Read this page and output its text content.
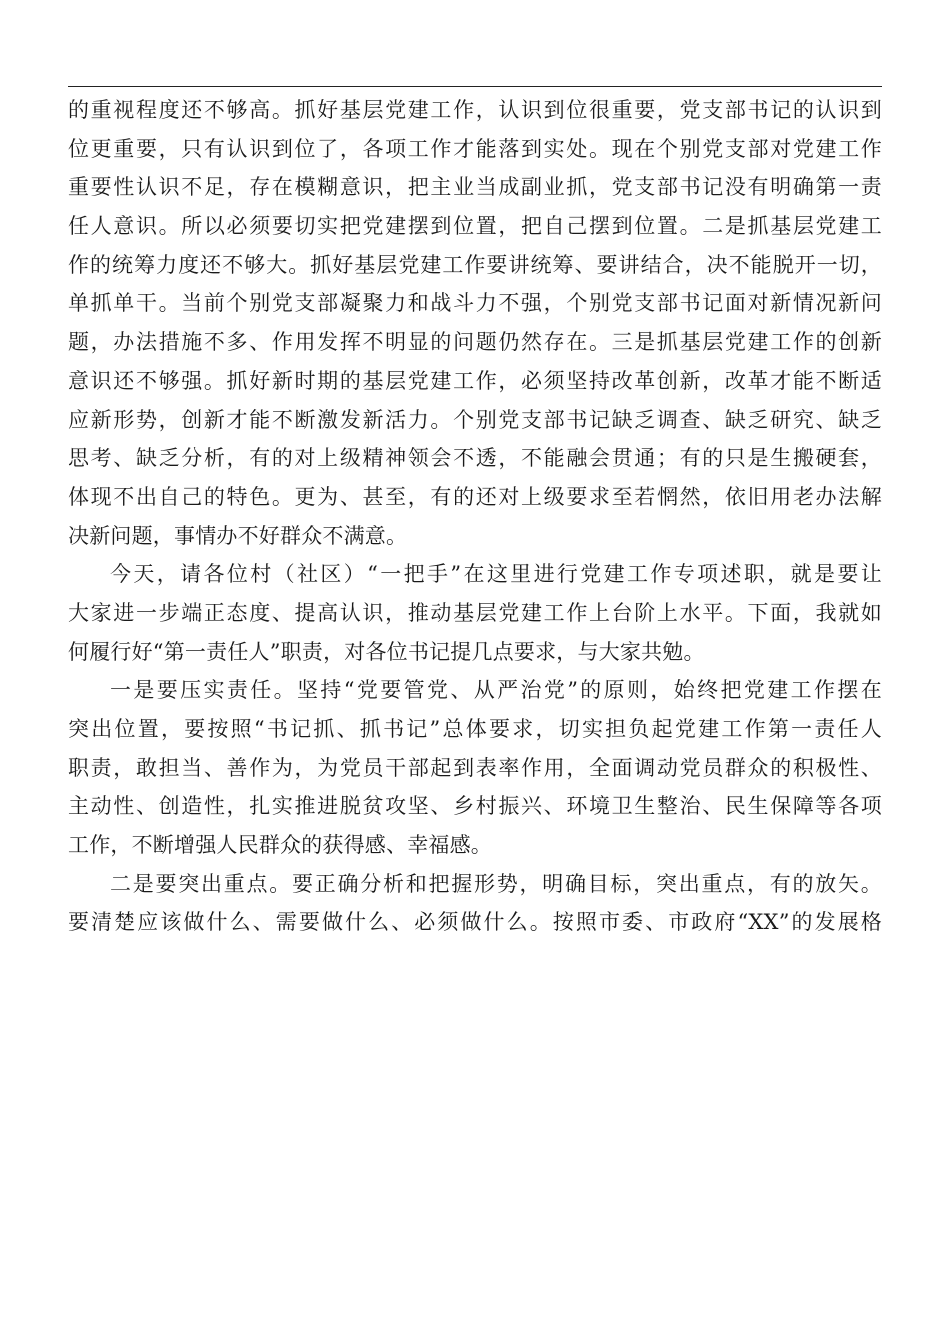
的重视程度还不够高。抓好基层党建工作，认识到位很重要，党支部书记的认识到
位更重要，只有认识到位了，各项工作才能落到实处。现在个别党支部对党建工作
重要性认识不足，存在模糊意识，把主业当成副业抓，党支部书记没有明确第一责
任人意识。所以必须要切实把党建摆到位置，把自己摆到位置。二是抓基层党建工
作的统筹力度还不够大。抓好基层党建工作要讲统筹、要讲结合，决不能脱开一切，
单抓单干。当前个别党支部凝聚力和战斗力不强，个别党支部书记面对新情况新问
题，办法措施不多、作用发挥不明显的问题仍然存在。三是抓基层党建工作的创新
意识还不够强。抓好新时期的基层党建工作，必须坚持改革创新，改革才能不断适
应新形势，创新才能不断激发新活力。个别党支部书记缺乏调查、缺乏研究、缺乏
思考、缺乏分析，有的对上级精神领会不透，不能融会贯通；有的只是生搬硬套，
体现不出自己的特色。更为、甚至，有的还对上级要求至若惘然，依旧用老办法解
决新问题，事情办不好群众不满意。
今天，请各位村（社区）“一把手”在这里进行党建工作专项述职，就是要让
大家进一步端正态度、提高认识，推动基层党建工作上台阶上水平。下面，我就如
何履行好“第一责任人”职责，对各位书记提几点要求，与大家共勉。
一是要压实责任。坚持“党要管党、从严治党”的原则，始终把党建工作摆在
突出位置，要按照“书记抓、抓书记”总体要求，切实担负起党建工作第一责任人
职责，敢担当、善作为，为党员干部起到表率作用，全面调动党员群众的积极性、
主动性、创造性，扎实推进脱贫攻坚、乡村振兴、环境卫生整治、民生保障等各项
工作，不断增强人民群众的获得感、幸福感。
二是要突出重点。要正确分析和把握形势，明确目标，突出重点，有的放矢。
要清楚应该做什么、需要做什么、必须做什么。按照市委、市政府“XX”的发展格
